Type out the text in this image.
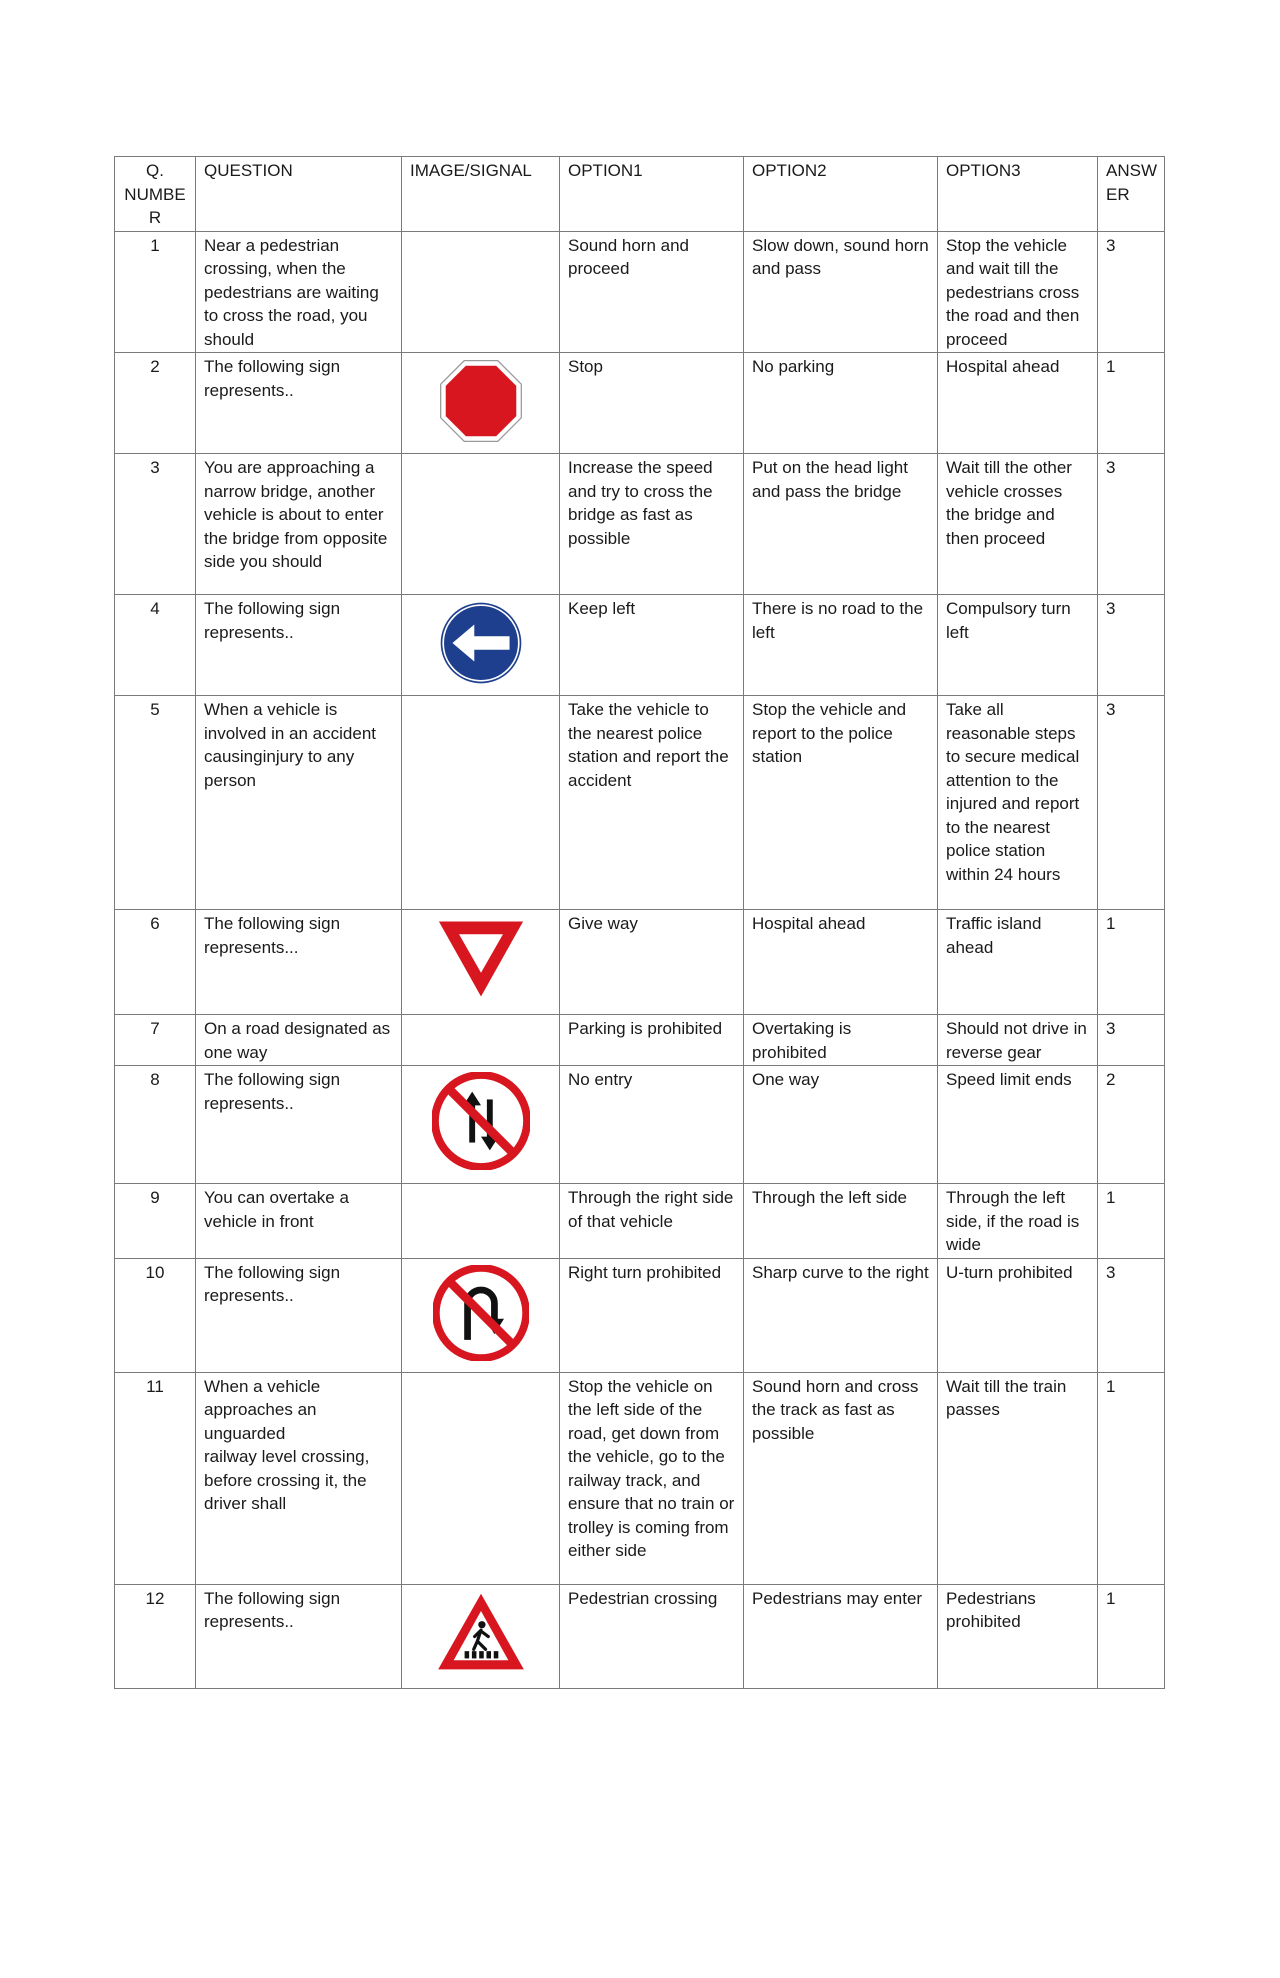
Q.
NUMBE
R	QUESTION	IMAGE/SIGNAL	OPTION1	OPTION2	OPTION3	ANSW
ER
1	Near a pedestrian crossing, when the pedestrians are waiting to cross the road, you should		Sound horn and proceed	Slow down, sound horn and pass	Stop the vehicle and wait till the pedestrians cross the road and then proceed	3
2	The following sign represents..		Stop	No parking	Hospital ahead	1
3	You are approaching a narrow bridge, another vehicle is about to enter the bridge from opposite side you should		Increase the speed and try to cross the bridge as fast as possible	Put on the head light and pass the bridge	Wait till the other vehicle crosses the bridge and then proceed	3
4	The following sign represents..		Keep left	There is no road to the left	Compulsory turn left	3
5	When a vehicle is involved in an accident causinginjury to any person		Take the vehicle to the nearest police station and report the accident	Stop the vehicle and report to the police station	Take all reasonable steps to secure medical attention to the injured and report to the nearest police station within 24 hours	3
6	The following sign represents...		Give way	Hospital ahead	Traffic island ahead	1
7	On a road designated as one way		Parking is prohibited	Overtaking is prohibited	Should not drive in reverse gear	3
8	The following sign represents..		No entry	One way	Speed limit ends	2
9	You can overtake a vehicle in front		Through the right side of that vehicle	Through the left side	Through the left side, if the road is wide	1
10	The following sign represents..		Right turn prohibited	Sharp curve to the right	U-turn prohibited	3
11	When a vehicle approaches an unguarded
railway level crossing, before crossing it, the driver shall		Stop the vehicle on the left side of the road, get down from the vehicle, go to the railway track, and ensure that no train or trolley is coming from either side	Sound horn and cross the track as fast as possible	Wait till the train passes	1
12	The following sign represents..		Pedestrian crossing	Pedestrians may enter	Pedestrians prohibited	1
